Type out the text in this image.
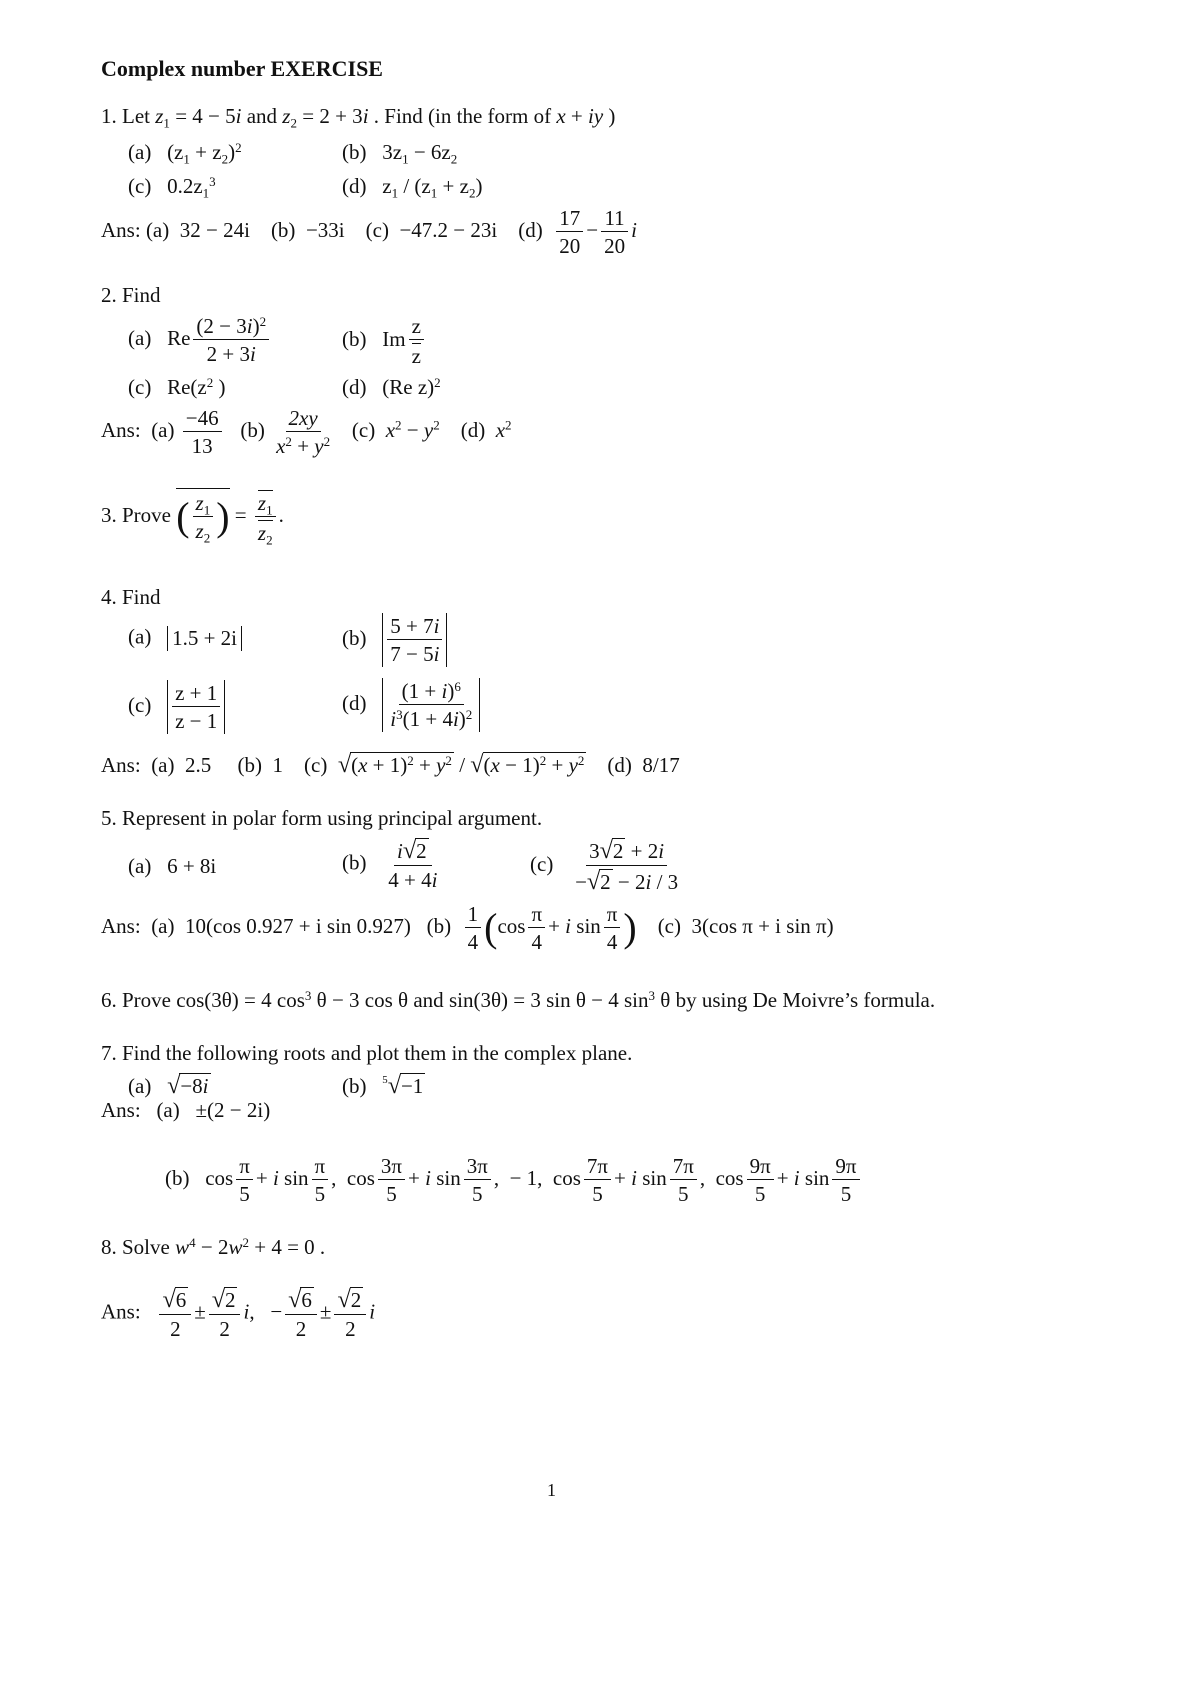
Complex number EXERCISE
1. Let $z_1 = 4 - 5i$ and $z_2 = 2 + 3i$ . Find (in the form of x + iy )
(a)   $(z_1 + z_2)^2$	(b)   $3z_1 - 6z_2$
(c)   $0.2z_1^3$	(d)   $z_1 / (z_1 + z_2)$
Ans: (a)  32 − 24i    (b)  −33i    (c)  −47.2 − 23i    $(d) \frac{17}{20} - \frac{11}{20}$ i
2. Find
(a)   Re $\frac{(2 - 3i)^2}{2 + 3i}$	(b)   Im $\frac{z}{z}$
(c)   $Re(z^2$ )	(d)   (Re z)$^2$
Ans:  $(a) \frac{-46}{13} (b) \frac{2xy}{x^2 + y^2} (c) x^2 - y^2$    (d)  $x^2$
3. Prove ( $\frac{z_1}{z_2}$ ) = $\frac{z_1}{z_2}$ .
4. Find
(a) 1.5 + 2i	$(b) \frac{5 + 7i}{7 - 5i}$
$(c) \frac{z + 1}{z - 1}$	$(d) \frac{(1 + i)^6}{i^3(1 + 4i)^2}$
Ans:  (a)  2.5     (b)  1    (c) √ $(x + 1)^2 + y^2$ / √ $(x - 1)^2 + y^2$ (d)  8/17
5. Represent in polar form using principal argument.
(a) 6 + 8i	$(b) \frac{i √ 2}{4 + 4i}$	$(c) \frac{3 √ 2 + 2i}{- √ 2 - 2i / 3}$
Ans:  (a)  10(cos 0.927 + i sin 0.927)   $(b) \frac{1}{4} (\cos \frac{\pi}{4} + i$ $\sin \frac{\pi}{4}$ )    (c)  3(cos π + i sin π)
6. Prove cos(3θ) = 4 $\cos^3 \theta - 3$ cos θ and sin(3θ) = 3 sin θ − 4 $\sin^3 \theta$ by using De Moivre’s formula.
7. Find the following roots and plot them in the complex plane.
(a) √ −8i	(b) $^5$√ −1
Ans:   (a)   ±(2 − 2i)
(b)   $\cos \frac{\pi}{5} + i$ $\sin \frac{\pi}{5}$ ,  $\cos \frac{3\pi}{5} + i$ $\sin \frac{3\pi}{5}$ ,  − 1,  $\cos \frac{7\pi}{5} + i$ $\sin \frac{7\pi}{5}$ ,  $\cos \frac{9\pi}{5} + i$ $\sin \frac{9\pi}{5}$
8. Solve $w^4 - 2w^2 + 4 = 0$ .
Ans: $\frac{√ 6}{2} \pm \frac{√ 2}{2} i$,   − $\frac{√ 6}{2} \pm \frac{√ 2}{2}$ i
1
